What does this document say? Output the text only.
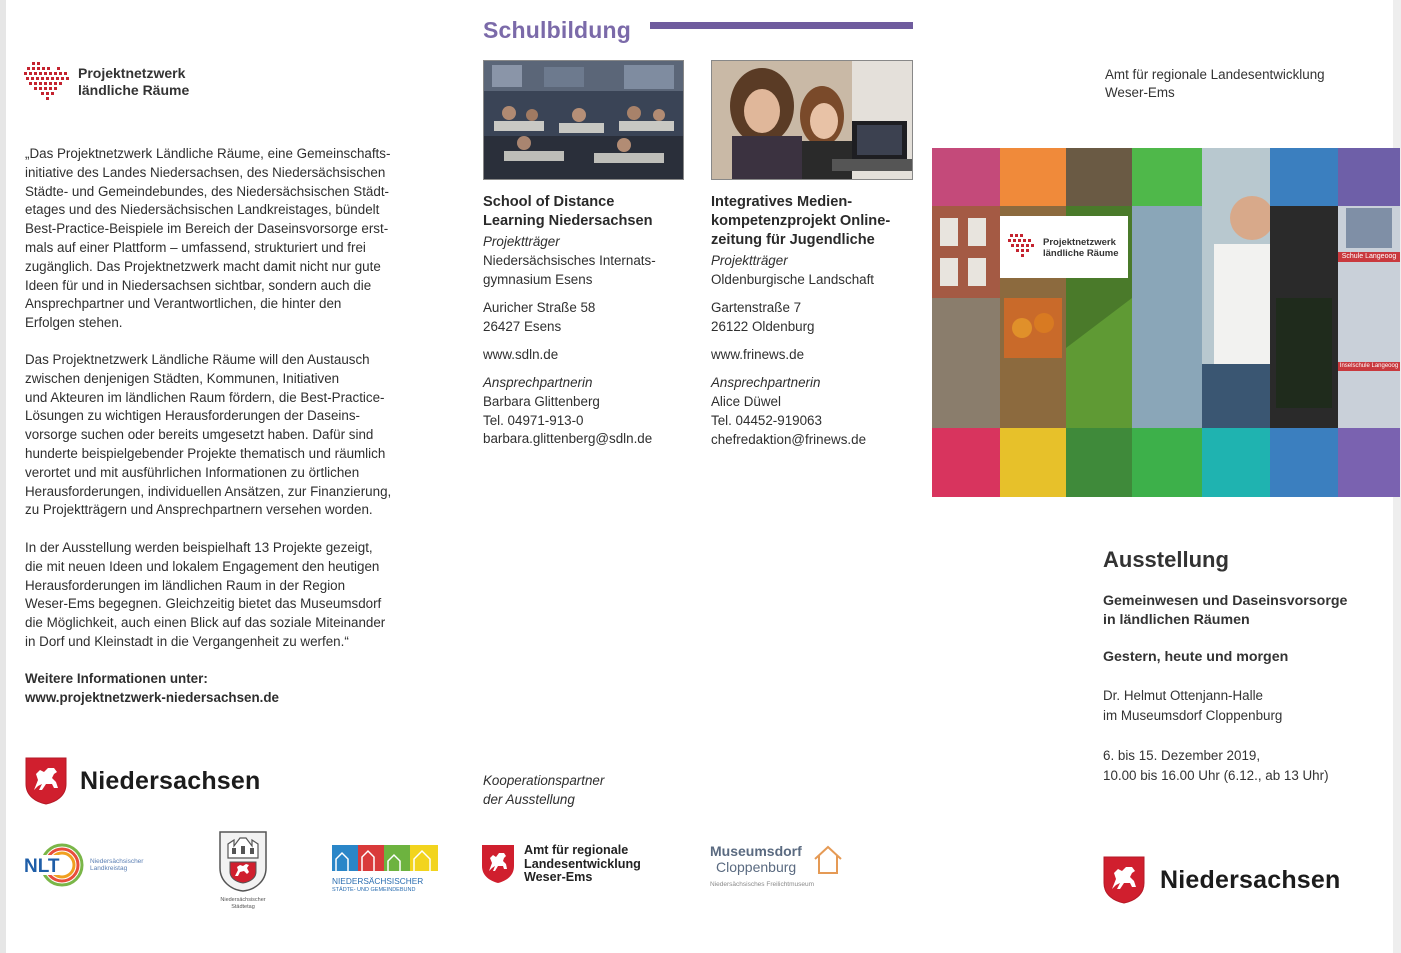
Projektnetzwerk
ländliche Räume

„Das Projektnetzwerk Ländliche Räume, eine Gemeinschafts-

initiative des Landes Niedersachsen, des Niedersächsischen

Städte- und Gemeindebundes, des Niedersächsischen Städt-

etages und des Niedersächsischen Landkreistages, bündelt

Best-Practice-Beispiele im Bereich der Daseinsvorsorge erst-

mals auf einer Plattform – umfassend, strukturiert und frei

zugänglich. Das Projektnetzwerk macht damit nicht nur gute

Ideen für und in Niedersachsen sichtbar, sondern auch die

Ansprechpartner und Verantwortlichen, die hinter den

Erfolgen stehen.

Das Projektnetzwerk Ländliche Räume will den Austausch

zwischen denjenigen Städten, Kommunen, Initiativen

und Akteuren im ländlichen Raum fördern, die Best-Practice-

Lösungen zu wichtigen Herausforderungen der Daseins-

vorsorge suchen oder bereits umgesetzt haben. Dafür sind

hunderte beispielgebender Projekte thematisch und räumlich

verortet und mit ausführlichen Informationen zu örtlichen

Herausforderungen, individuellen Ansätzen, zur Finanzierung,

zu Projektträgern und Ansprechpartnern versehen worden.

In der Ausstellung werden beispielhaft 13 Projekte gezeigt,

die mit neuen Ideen und lokalem Engagement den heutigen

Herausforderungen im ländlichen Raum in der Region

Weser-Ems begegnen. Gleichzeitig bietet das Museumsdorf

die Möglichkeit, auch einen Blick auf das soziale Miteinander

in Dorf und Kleinstadt in die Vergangenheit zu werfen.“

Weitere Informationen unter:
www.projektnetzwerk-niedersachsen.de
Niedersachsen
NLT	Niedersächsischer
Landkreistag
Niedersächsischer
Städtetag
NIEDERSÄCHSISCHER
STÄDTE- UND GEMEINDEBUND
Schulbildung
School of Distance
Learning Niedersachsen
Projektträger
Niedersächsisches Internats-
gymnasium Esens
Auricher Straße 58
26427 Esens
www.sdln.de
Ansprechpartnerin
Barbara Glittenberg
Tel. 04971-913-0
barbara.glittenberg@sdln.de
Integratives Medien-
kompetenzprojekt Online-
zeitung für Jugendliche
Projektträger
Oldenburgische Landschaft
Gartenstraße 7
26122 Oldenburg
www.frinews.de
Ansprechpartnerin
Alice Düwel
Tel. 04452-919063
chefredaktion@frinews.de
Kooperationspartner
der Ausstellung
Amt für regionale
Landesentwicklung
Weser-Ems
Museumsdorf
Cloppenburg
Niedersächsisches Freilichtmuseum
Amt für regionale Landesentwicklung
Weser-Ems
Projektnetzwerk
ländliche Räume	Schule Langeoog
Inselschule Langeoog
Ausstellung
Gemeinwesen und Daseinsvorsorge
in ländlichen Räumen
Gestern, heute und morgen
Dr. Helmut Ottenjann-Halle
im Museumsdorf Cloppenburg
6. bis 15. Dezember 2019,
10.00 bis 16.00 Uhr (6.12., ab 13 Uhr)
Niedersachsen
